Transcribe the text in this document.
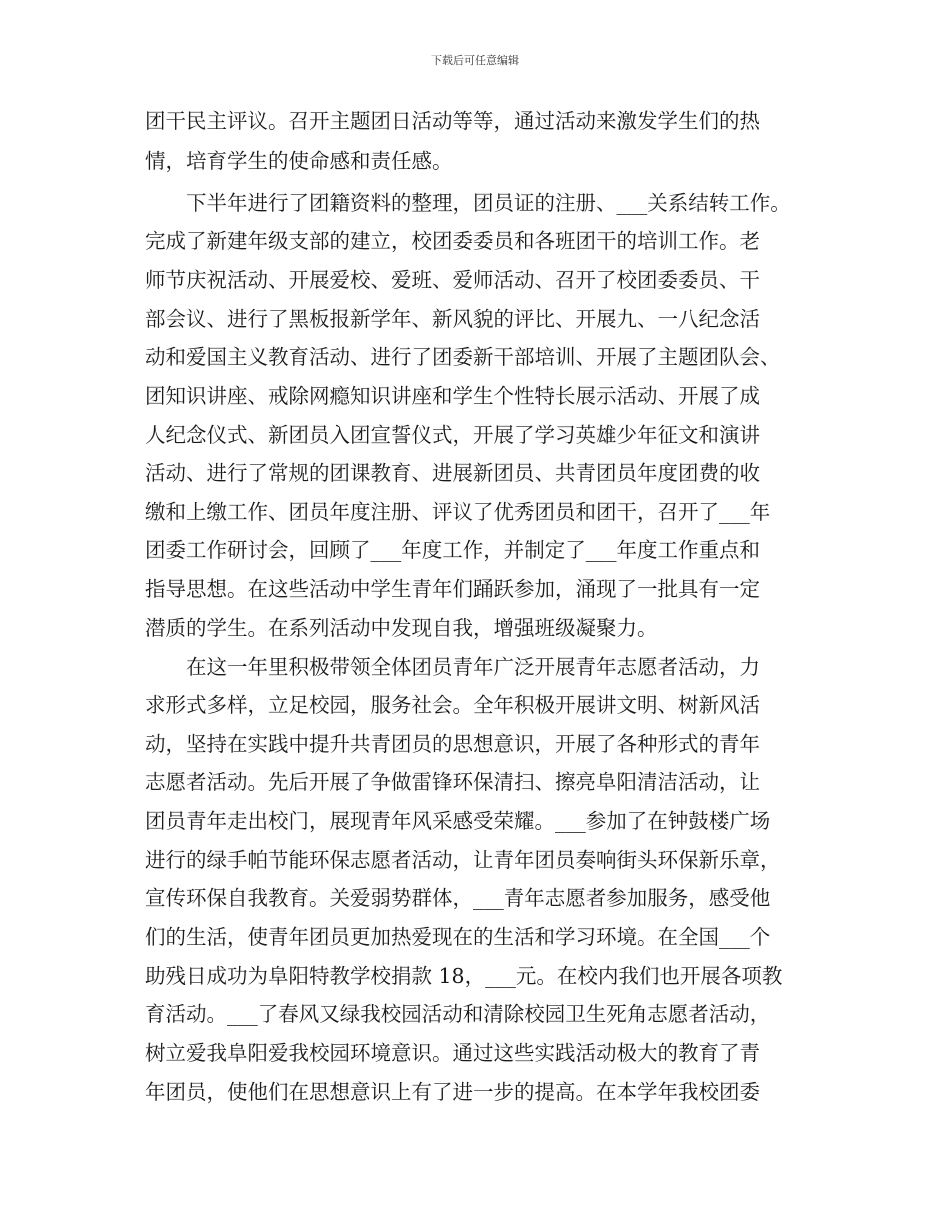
下载后可任意编辑
团干民主评议。召开主题团日活动等等，通过活动来激发学生们的热
情，培育学生的使命感和责任感。
　　下半年进行了团籍资料的整理，团员证的注册、___关系结转工作。
完成了新建年级支部的建立，校团委委员和各班团干的培训工作。老
师节庆祝活动、开展爱校、爱班、爱师活动、召开了校团委委员、干
部会议、进行了黑板报新学年、新风貌的评比、开展九、一八纪念活
动和爱国主义教育活动、进行了团委新干部培训、开展了主题团队会、
团知识讲座、戒除网瘾知识讲座和学生个性特长展示活动、开展了成
人纪念仪式、新团员入团宣誓仪式，开展了学习英雄少年征文和演讲
活动、进行了常规的团课教育、进展新团员、共青团员年度团费的收
缴和上缴工作、团员年度注册、评议了优秀团员和团干，召开了___年
团委工作研讨会，回顾了___年度工作，并制定了___年度工作重点和
指导思想。在这些活动中学生青年们踊跃参加，涌现了一批具有一定
潜质的学生。在系列活动中发现自我，增强班级凝聚力。
　　在这一年里积极带领全体团员青年广泛开展青年志愿者活动，力
求形式多样，立足校园，服务社会。全年积极开展讲文明、树新风活
动，坚持在实践中提升共青团员的思想意识，开展了各种形式的青年
志愿者活动。先后开展了争做雷锋环保清扫、擦亮阜阳清洁活动，让
团员青年走出校门，展现青年风采感受荣耀。___参加了在钟鼓楼广场
进行的绿手帕节能环保志愿者活动，让青年团员奏响街头环保新乐章，
宣传环保自我教育。关爱弱势群体，___青年志愿者参加服务，感受他
们的生活，使青年团员更加热爱现在的生活和学习环境。在全国___个
助残日成功为阜阳特教学校捐款 18，___元。在校内我们也开展各项教
育活动。___了春风又绿我校园活动和清除校园卫生死角志愿者活动，
树立爱我阜阳爱我校园环境意识。通过这些实践活动极大的教育了青
年团员，使他们在思想意识上有了进一步的提高。在本学年我校团委
